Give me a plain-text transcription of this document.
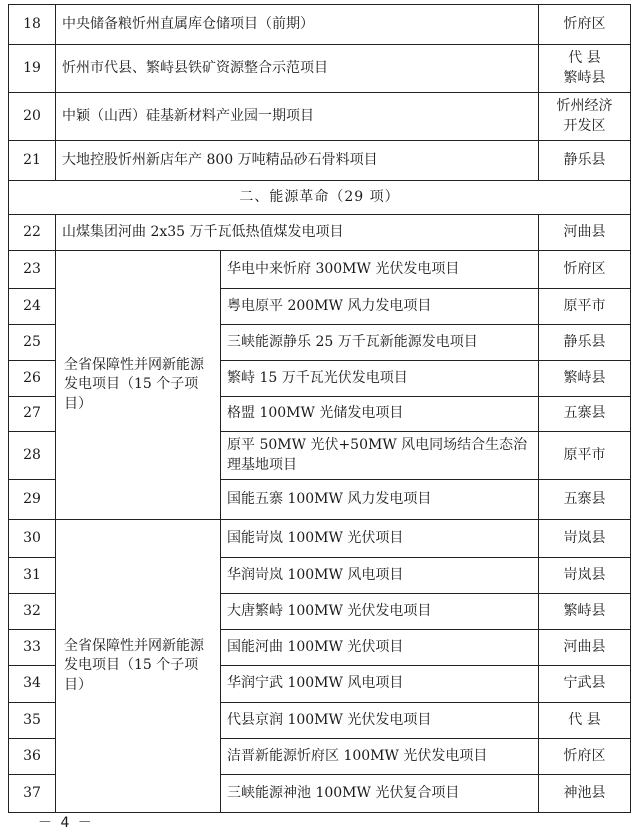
18	中央储备粮忻州直属库仓储项目（前期）		忻府区
19	忻州市代县、繁峙县铁矿资源整合示范项目		代 县
繁峙县
20	中颖（山西）硅基新材料产业园一期项目		忻州经济
开发区
21	大地控股忻州新店年产 800 万吨精品砂石骨料项目		静乐县
二、能源革命（29 项）			
22	山煤集团河曲 2x35 万千瓦低热值煤发电项目		河曲县
23	全省保障性并网新能源发电项目（15 个子项目）	华电中来忻府 300MW 光伏发电项目	忻府区
24		粤电原平 200MW 风力发电项目	原平市
25		三峡能源静乐 25 万千瓦新能源发电项目	静乐县
26		繁峙 15 万千瓦光伏发电项目	繁峙县
27		格盟 100MW 光储发电项目	五寨县
28		原平 50MW 光伏+50MW 风电同场结合生态治理基地项目	原平市
29		国能五寨 100MW 风力发电项目	五寨县
30	全省保障性并网新能源发电项目（15 个子项目）	国能岢岚 100MW 光伏项目	岢岚县
31		华润岢岚 100MW 风电项目	岢岚县
32		大唐繁峙 100MW 光伏发电项目	繁峙县
33		国能河曲 100MW 光伏项目	河曲县
34		华润宁武 100MW 风电项目	宁武县
35		代县京润 100MW 光伏发电项目	代 县
36		洁晋新能源忻府区 100MW 光伏发电项目	忻府区
37		三峡能源神池 100MW 光伏复合项目	神池县
－ 4 －
